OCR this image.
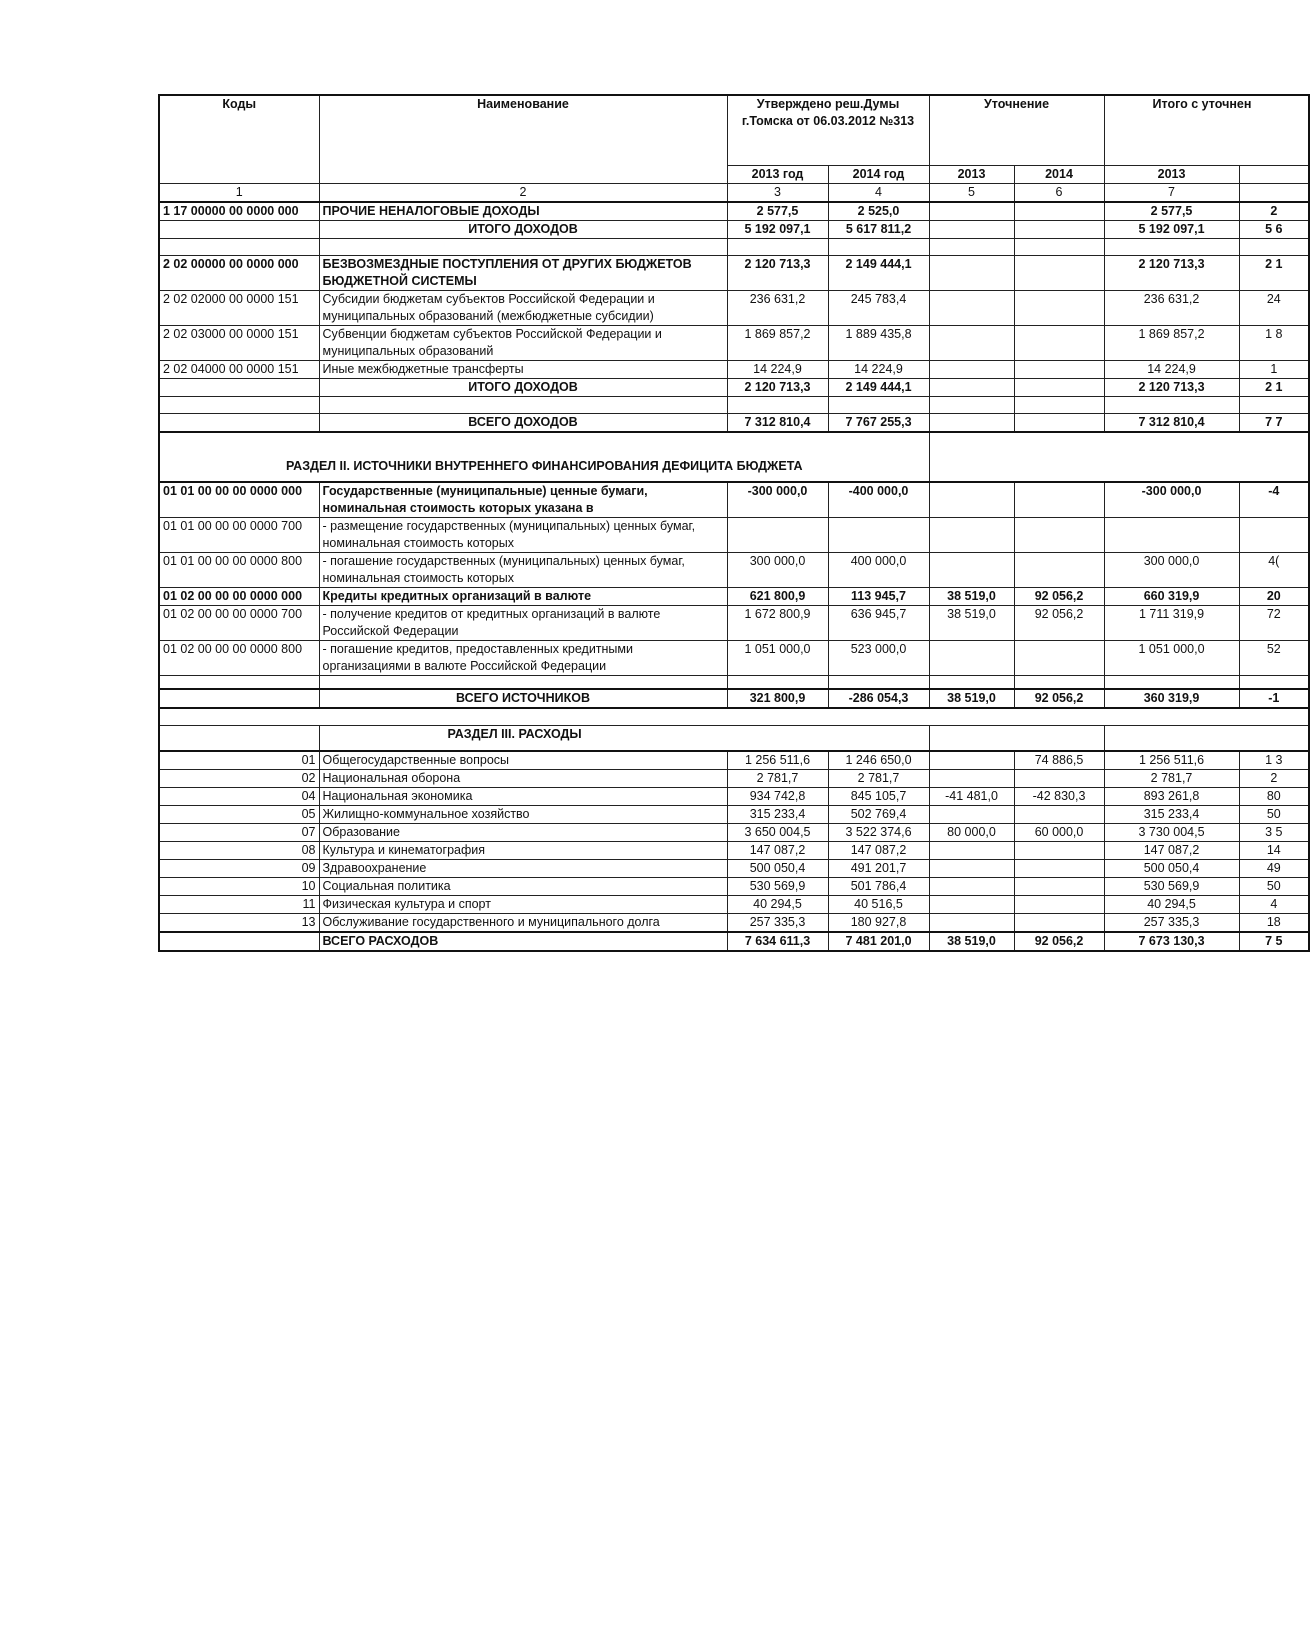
Коды	Наименование	Утверждено реш.Думы г.Томска от 06.03.2012 №313		Уточнение		Итого с уточнен	
		2013 год	2014 год	2013	2014	2013	
1	2	3	4	5	6	7	
1 17 00000 00 0000 000	ПРОЧИЕ НЕНАЛОГОВЫЕ ДОХОДЫ	2 577,5	2 525,0			2 577,5	2
	ИТОГО ДОХОДОВ	5 192 097,1	5 617 811,2			5 192 097,1	5 6

2 02 00000 00 0000 000	БЕЗВОЗМЕЗДНЫЕ ПОСТУПЛЕНИЯ ОТ ДРУГИХ БЮДЖЕТОВ БЮДЖЕТНОЙ СИСТЕМЫ	2 120 713,3	2 149 444,1			2 120 713,3	2 1
2 02 02000 00 0000 151	Субсидии бюджетам субъектов Российской Федерации и муниципальных образований (межбюджетные субсидии)	236 631,2	245 783,4			236 631,2	24
2 02 03000 00 0000 151	Субвенции бюджетам субъектов Российской Федерации и муниципальных образований	1 869 857,2	1 889 435,8			1 869 857,2	1 8
2 02 04000 00 0000 151	Иные межбюджетные трансферты	14 224,9	14 224,9			14 224,9	1
	ИТОГО ДОХОДОВ	2 120 713,3	2 149 444,1			2 120 713,3	2 1

	ВСЕГО ДОХОДОВ	7 312 810,4	7 767 255,3			7 312 810,4	7 7
РАЗДЕЛ II. ИСТОЧНИКИ ВНУТРЕННЕГО ФИНАНСИРОВАНИЯ ДЕФИЦИТА БЮДЖЕТА							
01 01 00 00 00 0000 000	Государственные (муниципальные) ценные бумаги, номинальная стоимость которых указана в	-300 000,0	-400 000,0			-300 000,0	-4
01 01 00 00 00 0000 700	- размещение государственных (муниципальных) ценных бумаг, номинальная стоимость которых						
01 01 00 00 00 0000 800	- погашение государственных (муниципальных) ценных бумаг, номинальная стоимость которых	300 000,0	400 000,0			300 000,0	4(
01 02 00 00 00 0000 000	Кредиты кредитных организаций в валюте	621 800,9	113 945,7	38 519,0	92 056,2	660 319,9	20
01 02 00 00 00 0000 700	- получение кредитов от кредитных организаций в валюте Российской Федерации	1 672 800,9	636 945,7	38 519,0	92 056,2	1 711 319,9	72
01 02 00 00 00 0000 800	- погашение кредитов, предоставленных кредитными организациями в валюте Российской Федерации	1 051 000,0	523 000,0			1 051 000,0	52

	ВСЕГО ИСТОЧНИКОВ	321 800,9	-286 054,3	38 519,0	92 056,2	360 319,9	-1

	РАЗДЕЛ III. РАСХОДЫ						
01	Общегосударственные вопросы	1 256 511,6	1 246 650,0		74 886,5	1 256 511,6	1 3
02	Национальная оборона	2 781,7	2 781,7			2 781,7	2
04	Национальная экономика	934 742,8	845 105,7	-41 481,0	-42 830,3	893 261,8	80
05	Жилищно-коммунальное хозяйство	315 233,4	502 769,4			315 233,4	50
07	Образование	3 650 004,5	3 522 374,6	80 000,0	60 000,0	3 730 004,5	3 5
08	Культура и кинематография	147 087,2	147 087,2			147 087,2	14
09	Здравоохранение	500 050,4	491 201,7			500 050,4	49
10	Социальная политика	530 569,9	501 786,4			530 569,9	50
11	Физическая культура и спорт	40 294,5	40 516,5			40 294,5	4
13	Обслуживание государственного и муниципального долга	257 335,3	180 927,8			257 335,3	18
	ВСЕГО РАСХОДОВ	7 634 611,3	7 481 201,0	38 519,0	92 056,2	7 673 130,3	7 5
